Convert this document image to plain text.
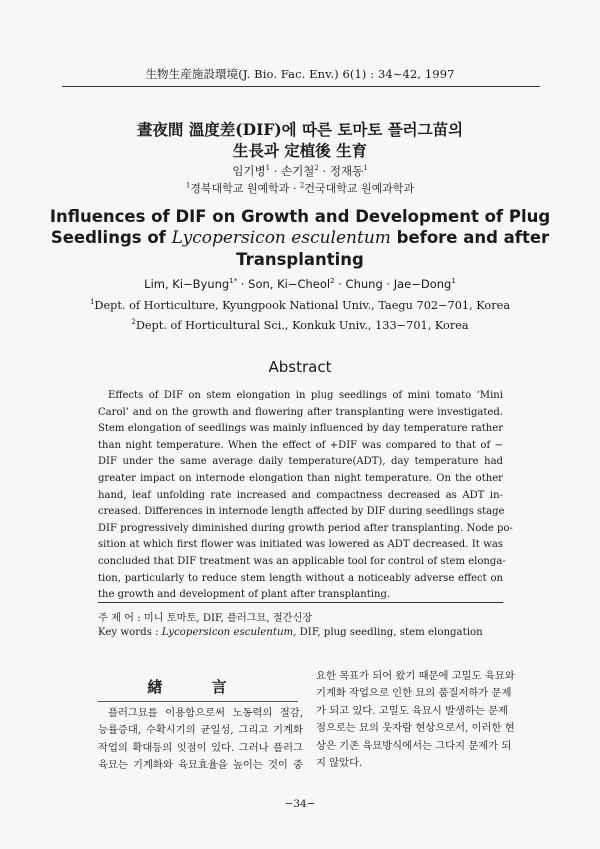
生物生産施設環境(J. Bio. Fac. Env.) 6(1) : 34∼42, 1997
晝夜間 溫度差(DIF)에 따른 토마토 플러그苗의
生長과 定植後 生育
임기병$^1$ · 손기철$^2$ · 정재동$^1$
$^1$경북대학교 원예학과 · $^2$건국대학교 원예과학과
Influences of DIF on Growth and Development of Plug
Seedlings of Lycopersicon esculentum before and after
Transplanting
Lim, Ki−Byung$^{1*}$ · Son, Ki−Cheol$^2$ · Chung · Jae−Dong$^1$
$^1$Dept. of Horticulture, Kyungpook National Univ., Taegu 702−701, Korea
$^2$Dept. of Horticultural Sci., Konkuk Univ., 133−701, Korea
Abstract
Effects of DIF on stem elongation in plug seedlings of mini tomato ‘Mini
Carol’ and on the growth and flowering after transplanting were investigated.
Stem elongation of seedlings was mainly influenced by day temperature rather
than night temperature. When the effect of +DIF was compared to that of −
DIF under the same average daily temperature(ADT), day temperature had
greater impact on internode elongation than night temperature. On the other
hand, leaf unfolding rate increased and compactness decreased as ADT in-
creased. Differences in internode length affected by DIF during seedlings stage
DIF progressively diminished during growth period after transplanting. Node po-
sition at which first flower was initiated was lowered as ADT decreased. It was
concluded that DIF treatment was an applicable tool for control of stem elonga-
tion, particularly to reduce stem length without a noticeably adverse effect on
the growth and development of plant after transplanting.
주 제 어 : 미니 토마토, DIF, 플러그묘, 절간신장
Key words : Lycopersicon esculentum, DIF, plug seedling, stem elongation
緖 言
플러그묘를 이용함으로써 노동력의 절감,
능률증대, 수확시기의 균일성, 그리고 기계화
작업의 확대등의 잇점이 있다. 그러나 플러그
육묘는 기계화와 육묘효율을 높이는 것이 중
요한 목표가 되어 왔기 때문에 고밀도 육묘와
기계화 작업으로 인한 묘의 품질저하가 문제
가 되고 있다. 고밀도 육묘시 발생하는 문제
점으로는 묘의 웃자람 현상으로서, 이러한 현
상은 기존 육묘방식에서는 그다지 문제가 되
지 않았다.
−34−
